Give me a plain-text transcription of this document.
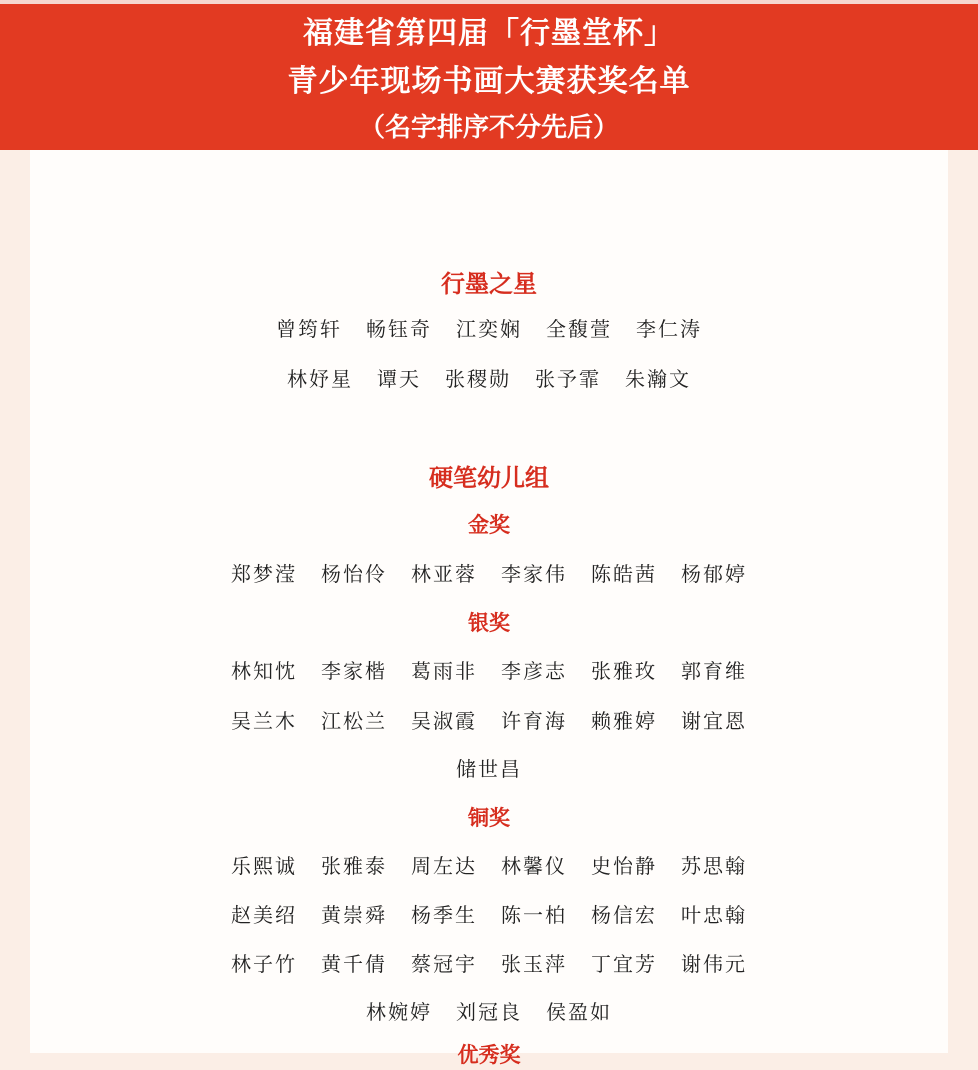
福建省第四届「行墨堂杯」
青少年现场书画大赛获奖名单
（名字排序不分先后）
行墨之星
曾筠轩 畅钰奇 江奕娴 全馥萱 李仁涛
林妤星 谭天 张稷勋 张予霏 朱瀚文
硬笔幼儿组
金奖
郑梦滢 杨怡伶 林亚蓉 李家伟 陈皓茜 杨郁婷
银奖
林知忱 李家楷 葛雨非 李彦志 张雅玫 郭育维
吴兰木 江松兰 吴淑霞 许育海 赖雅婷 谢宜恩
储世昌
铜奖
乐熙诚 张雅泰 周左达 林馨仪 史怡静 苏思翰
赵美绍 黄崇舜 杨季生 陈一柏 杨信宏 叶忠翰
林子竹 黄千倩 蔡冠宇 张玉萍 丁宜芳 谢伟元
林婉婷 刘冠良 侯盈如
优秀奖
